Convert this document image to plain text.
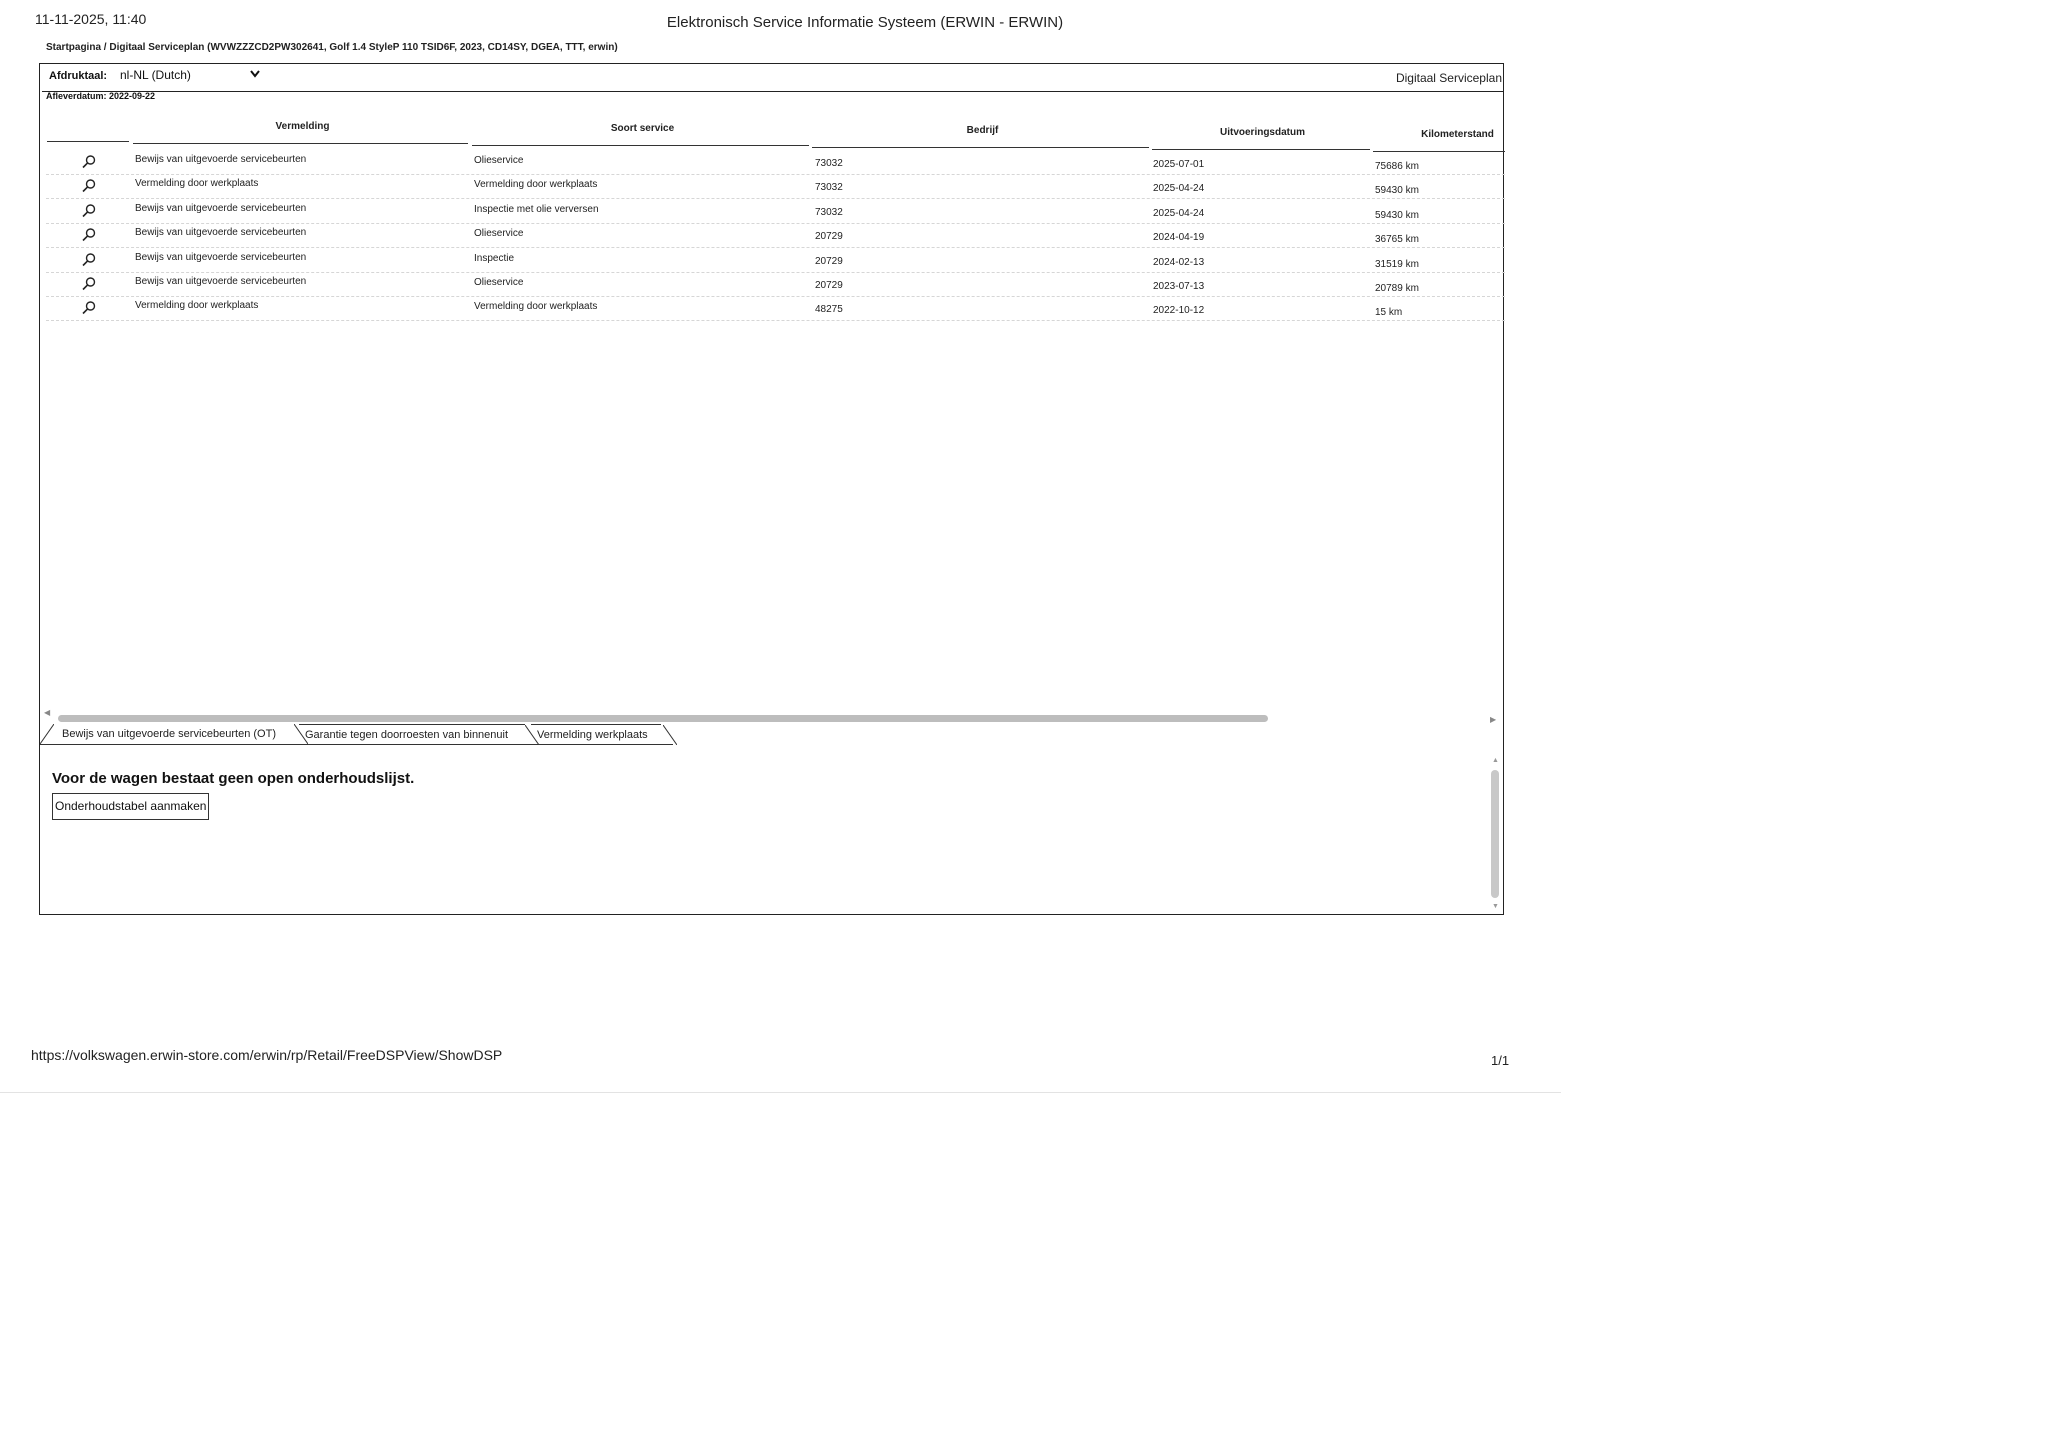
11-11-2025, 11:40	Elektronisch Service Informatie Systeem (ERWIN - ERWIN)
Startpagina / Digitaal Serviceplan (WVWZZZCD2PW302641, Golf 1.4 StyleP 110 TSID6F, 2023, CD14SY, DGEA, TTT, erwin)
Afdruktaal: nl-NL (Dutch)	Digitaal Serviceplan
Afleverdatum: 2022-09-22
Vermelding	Soort service	Bedrijf	Uitvoeringsdatum	Kilometerstand
Bewijs van uitgevoerde servicebeurten	Olieservice	73032	2025-07-01	75686 km
Vermelding door werkplaats	Vermelding door werkplaats	73032	2025-04-24	59430 km
Bewijs van uitgevoerde servicebeurten	Inspectie met olie verversen	73032	2025-04-24	59430 km
Bewijs van uitgevoerde servicebeurten	Olieservice	20729	2024-04-19	36765 km
Bewijs van uitgevoerde servicebeurten	Inspectie	20729	2024-02-13	31519 km
Bewijs van uitgevoerde servicebeurten	Olieservice	20729	2023-07-13	20789 km
Vermelding door werkplaats	Vermelding door werkplaats	48275	2022-10-12	15 km
◀
▶
Bewijs van uitgevoerde servicebeurten (OT)	Garantie tegen doorroesten van binnenuit	Vermelding werkplaats
Voor de wagen bestaat geen open onderhoudslijst.
Onderhoudstabel aanmaken
▲
▼
https://volkswagen.erwin-store.com/erwin/rp/Retail/FreeDSPView/ShowDSP	1/1
